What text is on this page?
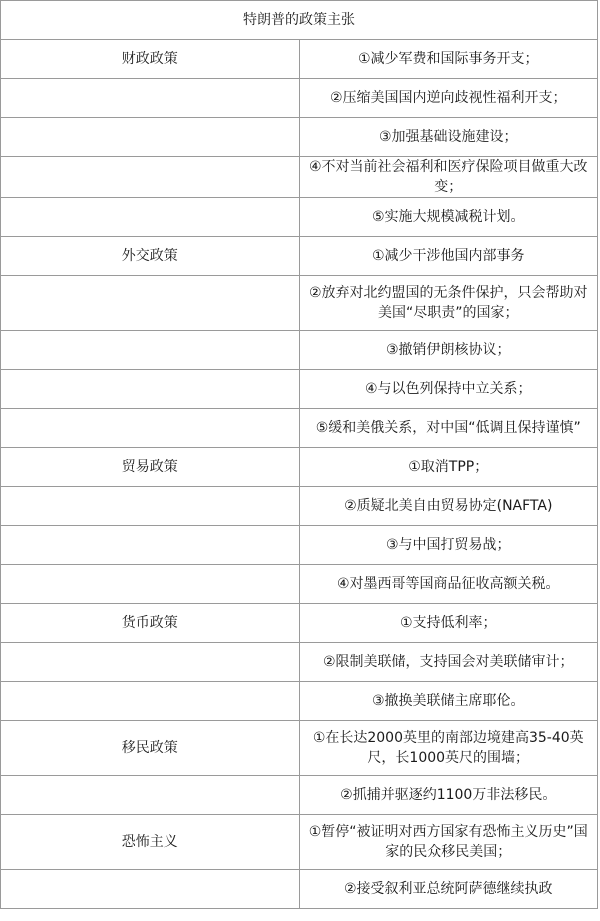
特朗普的政策主张	
财政政策	①减少军费和国际事务开支；
	②压缩美国国内逆向歧视性福利开支；
	③加强基础设施建设；
	④不对当前社会福利和医疗保险项目做重大改变；
	⑤实施大规模减税计划。
外交政策	①减少干涉他国内部事务
	②放弃对北约盟国的无条件保护，只会帮助对美国“尽职责”的国家；
	③撤销伊朗核协议；
	④与以色列保持中立关系；
	⑤缓和美俄关系，对中国“低调且保持谨慎”
贸易政策	①取消TPP；
	②质疑北美自由贸易协定(NAFTA)
	③与中国打贸易战；
	④对墨西哥等国商品征收高额关税。
货币政策	①支持低利率；
	②限制美联储，支持国会对美联储审计；
	③撤换美联储主席耶伦。
移民政策	①在长达2000英里的南部边境建高35-40英尺，长1000英尺的围墙；
	②抓捕并驱逐约1100万非法移民。
恐怖主义	①暂停“被证明对西方国家有恐怖主义历史”国家的民众移民美国；
	②接受叙利亚总统阿萨德继续执政
